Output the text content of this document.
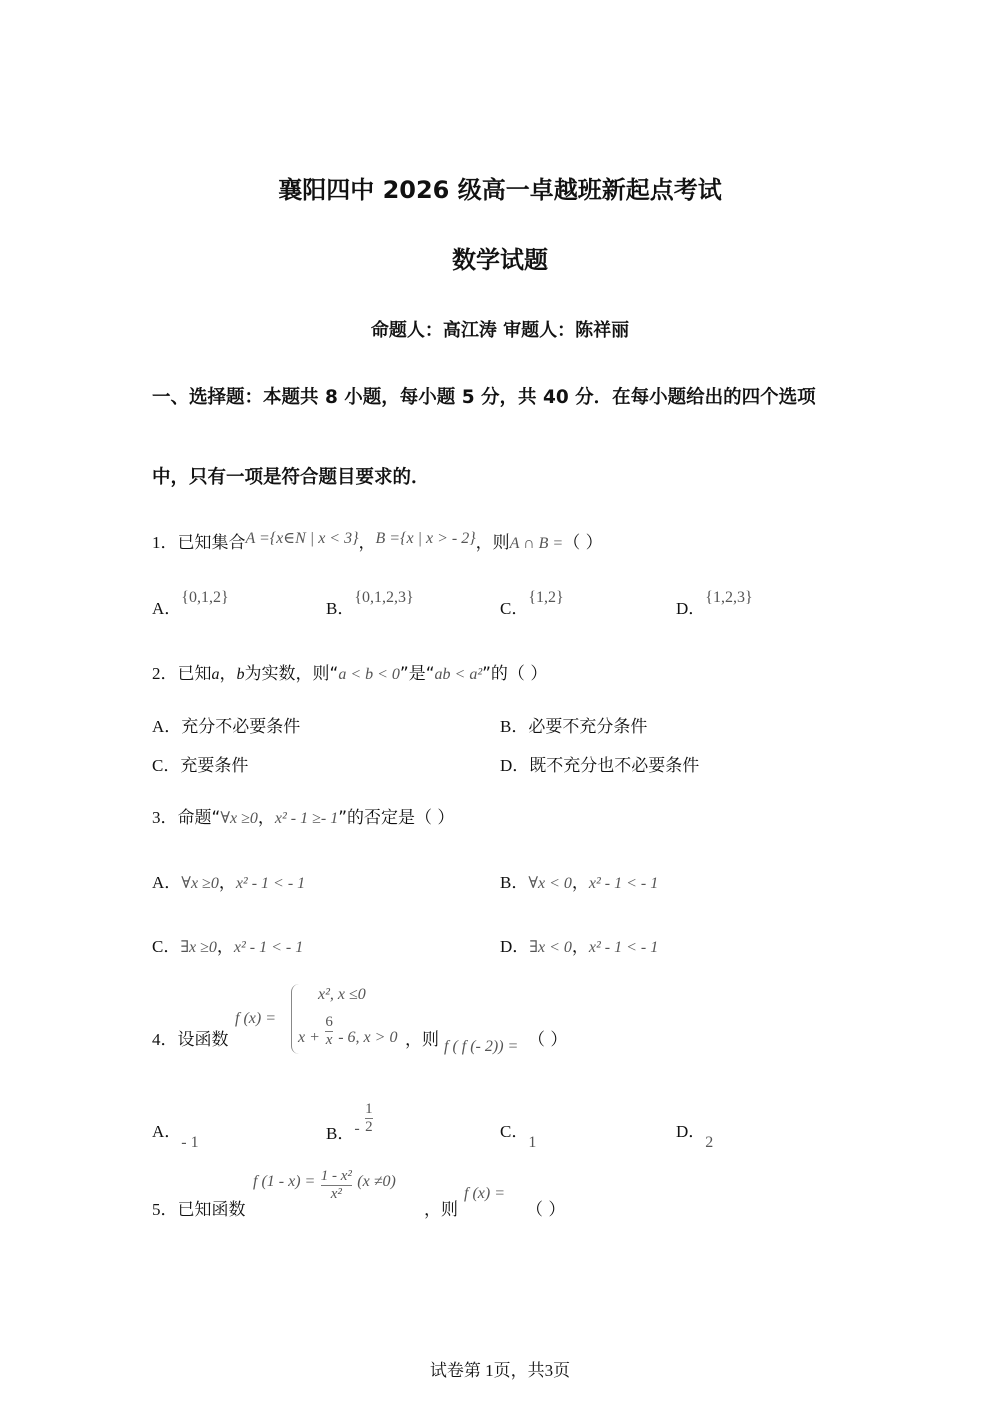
襄阳四中 2026 级高一卓越班新起点考试
数学试题
命题人：高江涛 审题人：陈祥丽
一、选择题：本题共 8 小题，每小题 5 分，共 40 分．在每小题给出的四个选项
中，只有一项是符合题目要求的．
1．已知集合A ={x∈N | x < 3}，B ={x | x > - 2}，则A ∩ B =（ ）
A．{0,1,2}
B．{0,1,2,3}
C．{1,2}
D．{1,2,3}
2．已知a，b为实数，则“a < b < 0”是“ab < a²”的（ ）
A．充分不必要条件	B．必要不充分条件
C．充要条件	D．既不充分也不必要条件
3．命题“∀x ≥0，x² - 1 ≥- 1”的否定是（ ）
A．∀x ≥0，x² - 1 < - 1	B．∀x < 0，x² - 1 < - 1
C．∃x ≥0，x² - 1 < - 1	D．∃x < 0，x² - 1 < - 1
4．设函数
f (x) =
x², x ≤0
$x + \frac{6}{x} - 6$, x > 0 ，则 f ( f (- 2)) = （ ）
A．- 1	B．- $\frac{1}{2}$	C．1
D．2
5．已知函数
f $(1 - x) = \frac{\text{1 - x²}}{\text{x²}} (x \ne 0)$
，则
f (x) =
（ ）
试卷第 1页，共3页
